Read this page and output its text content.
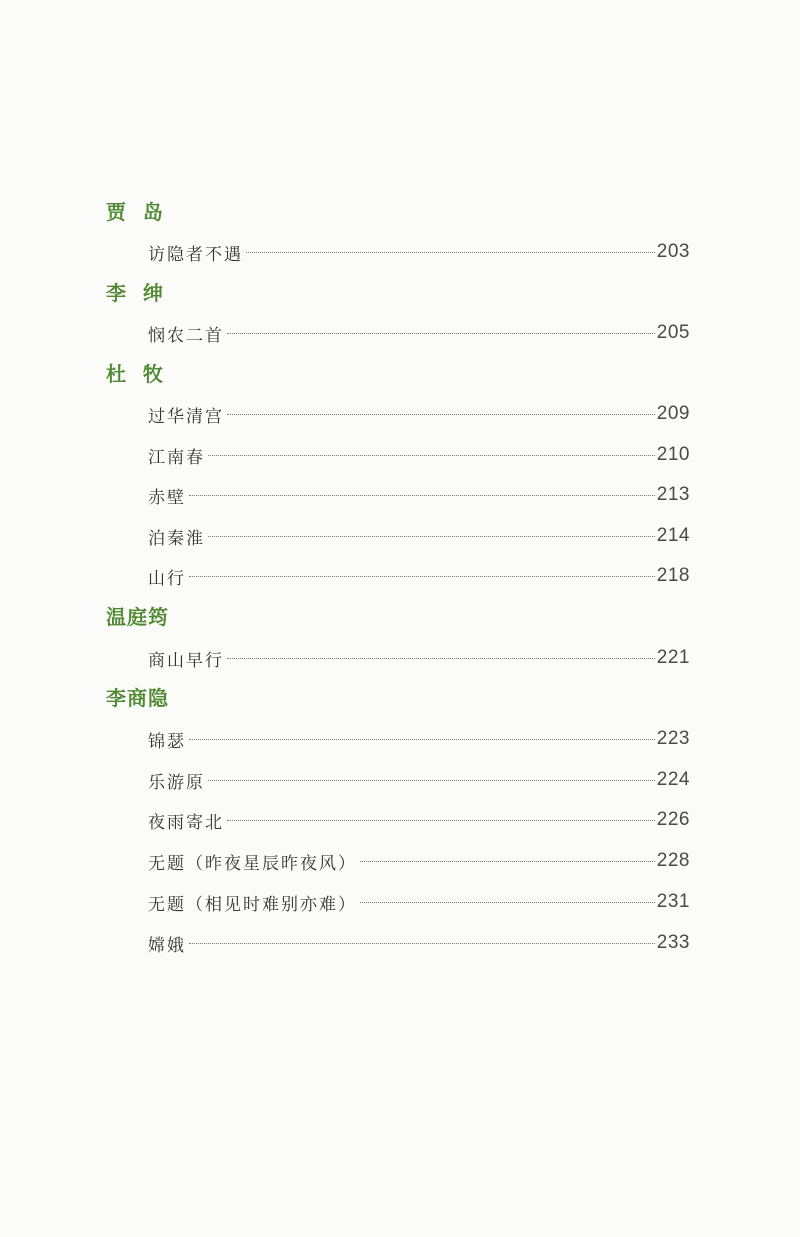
贾  岛
访隐者不遇	203
李  绅
悯农二首	205
杜  牧
过华清宫	209
江南春	210
赤壁	213
泊秦淮	214
山行	218
温庭筠
商山早行	221
李商隐
锦瑟	223
乐游原	224
夜雨寄北	226
无题（昨夜星辰昨夜风）	228
无题（相见时难别亦难）	231
嫦娥	233
